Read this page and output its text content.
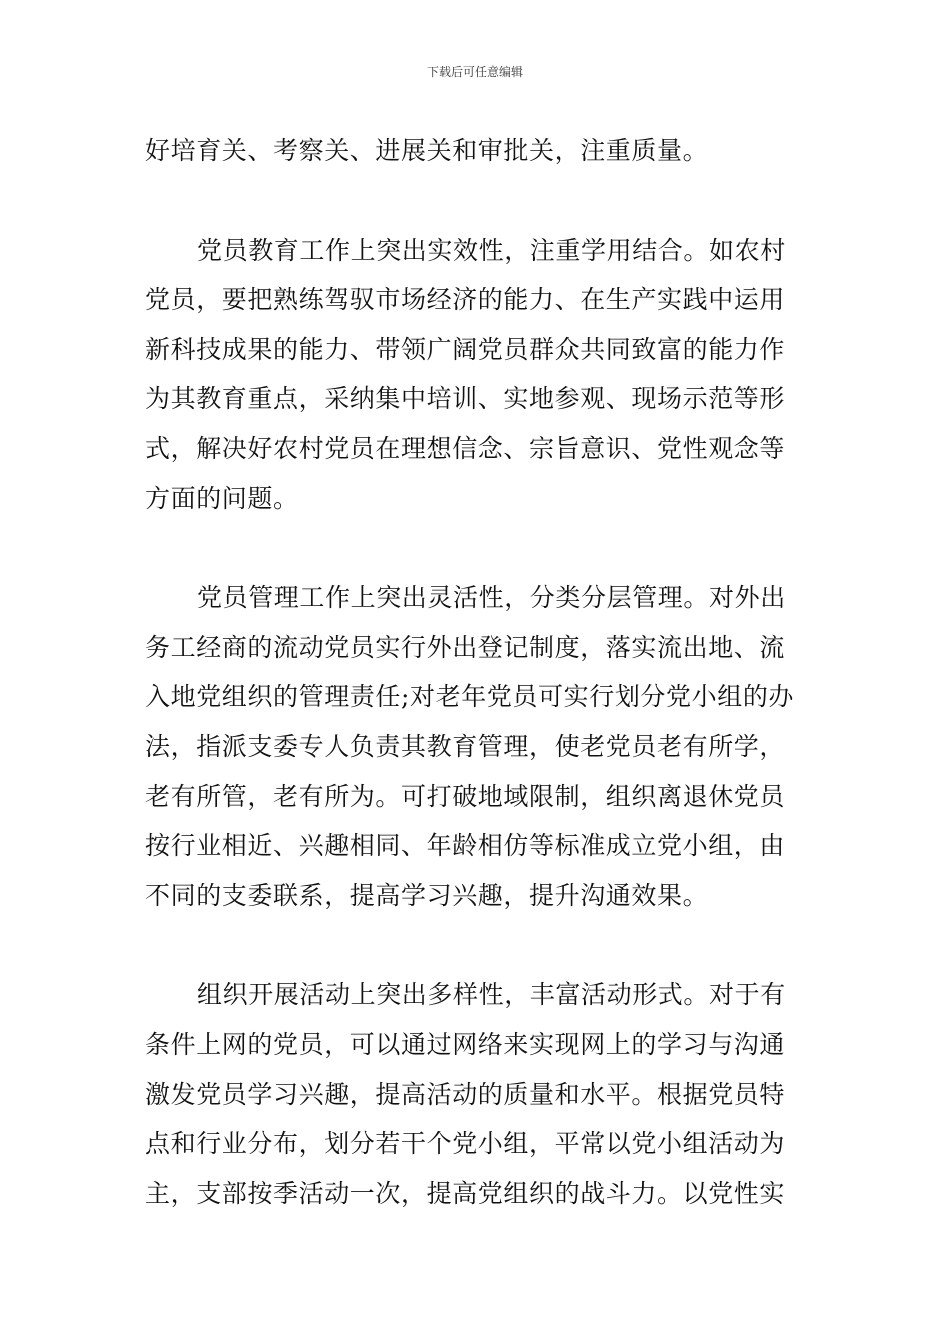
下载后可任意编辑
好培育关、考察关、进展关和审批关，注重质量。
党员教育工作上突出实效性，注重学用结合。如农村
党员，要把熟练驾驭市场经济的能力、在生产实践中运用
新科技成果的能力、带领广阔党员群众共同致富的能力作
为其教育重点，采纳集中培训、实地参观、现场示范等形
式，解决好农村党员在理想信念、宗旨意识、党性观念等
方面的问题。
党员管理工作上突出灵活性，分类分层管理。对外出
务工经商的流动党员实行外出登记制度，落实流出地、流
入地党组织的管理责任;对老年党员可实行划分党小组的办
法，指派支委专人负责其教育管理，使老党员老有所学，
老有所管，老有所为。可打破地域限制，组织离退休党员
按行业相近、兴趣相同、年龄相仿等标准成立党小组，由
不同的支委联系，提高学习兴趣，提升沟通效果。
组织开展活动上突出多样性，丰富活动形式。对于有
条件上网的党员，可以通过网络来实现网上的学习与沟通
激发党员学习兴趣，提高活动的质量和水平。根据党员特
点和行业分布，划分若干个党小组，平常以党小组活动为
主，支部按季活动一次，提高党组织的战斗力。以党性实
